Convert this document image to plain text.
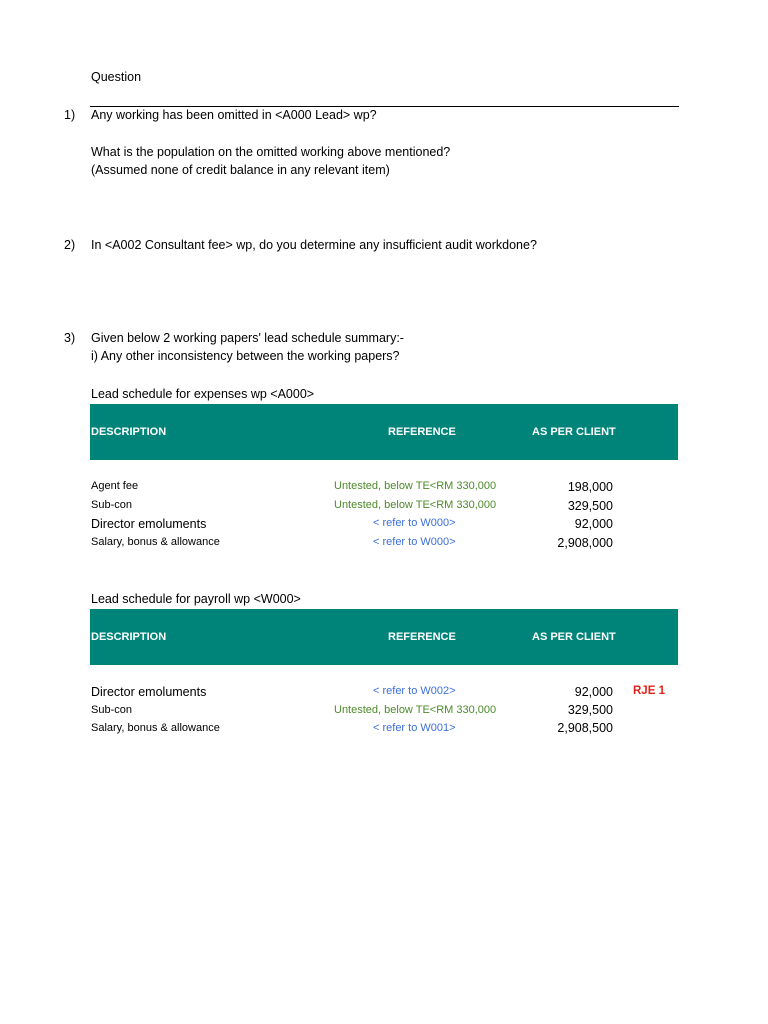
Question
1) Any working has been omitted in <A000 Lead> wp?
What is the population on the omitted working above mentioned?
(Assumed none of credit balance in any relevant item)
2) In <A002 Consultant fee> wp, do you determine any insufficient audit workdone?
3) Given below 2 working papers' lead schedule summary:-
i) Any other inconsistency between the working papers?
Lead schedule for expenses wp <A000>
DESCRIPTION	REFERENCE	AS PER CLIENT
Agent fee	Untested, below TE<RM 330,000	198,000
Sub-con	Untested, below TE<RM 330,000	329,500
Director emoluments	< refer to W000>	92,000
Salary, bonus & allowance	< refer to W000>	2,908,000
Lead schedule for payroll wp <W000>
DESCRIPTION	REFERENCE	AS PER CLIENT
Director emoluments	< refer to W002>	92,000 RJE 1
Sub-con	Untested, below TE<RM 330,000	329,500
Salary, bonus & allowance	< refer to W001>	2,908,500
